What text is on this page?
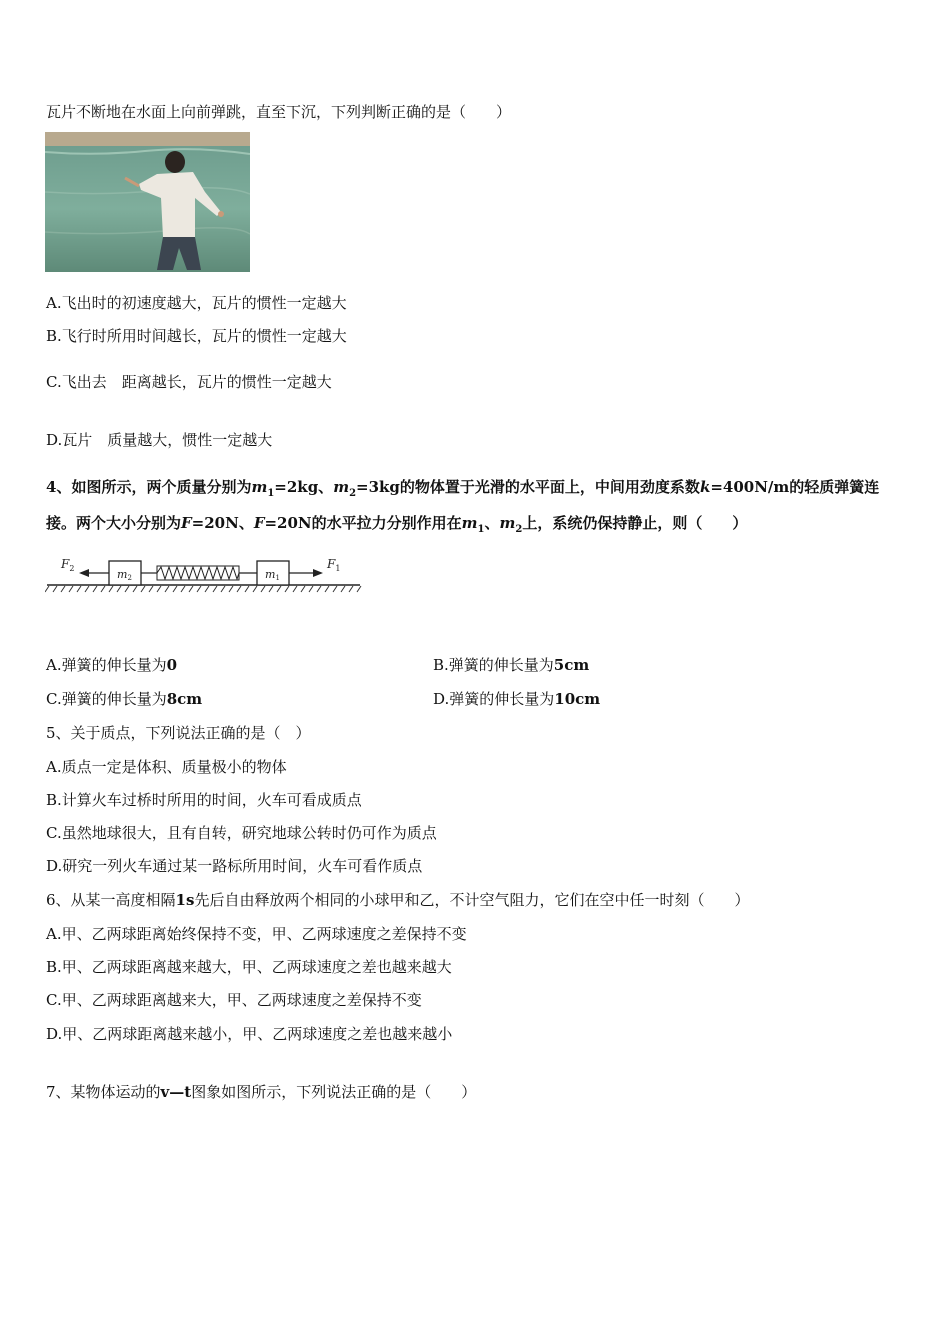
瓦片不断地在水面上向前弹跳，直至下沉，下列判断正确的是（　　）
A.飞出时的初速度越大，瓦片的惯性一定越大
B.飞行时所用时间越长，瓦片的惯性一定越大
C.飞出去　距离越长，瓦片的惯性一定越大
D.瓦片　质量越大，惯性一定越大
4、如图所示，两个质量分别为$m_1=2kg$、$m_2=3kg$的物体置于光滑的水平面上，中间用劲度系数k=400N/m的轻质弹簧连
接。两个大小分别为F=20N、F=20N的水平拉力分别作用在$m_1$、$m_2$上，系统仍保持静止，则（　　）
$F_2$	m2	m1
$F_1$
A.弹簧的伸长量为0	B.弹簧的伸长量为5cm
C.弹簧的伸长量为8cm	D.弹簧的伸长量为10cm
5、关于质点，下列说法正确的是（　）
A.质点一定是体积、质量极小的物体
B.计算火车过桥时所用的时间，火车可看成质点
C.虽然地球很大，且有自转，研究地球公转时仍可作为质点
D.研究一列火车通过某一路标所用时间，火车可看作质点
6、从某一高度相隔1s先后自由释放两个相同的小球甲和乙，不计空气阻力，它们在空中任一时刻（　　）
A.甲、乙两球距离始终保持不变，甲、乙两球速度之差保持不变
B.甲、乙两球距离越来越大，甲、乙两球速度之差也越来越大
C.甲、乙两球距离越来大，甲、乙两球速度之差保持不变
D.甲、乙两球距离越来越小，甲、乙两球速度之差也越来越小
7、某物体运动的v—t图象如图所示，下列说法正确的是（　　）
